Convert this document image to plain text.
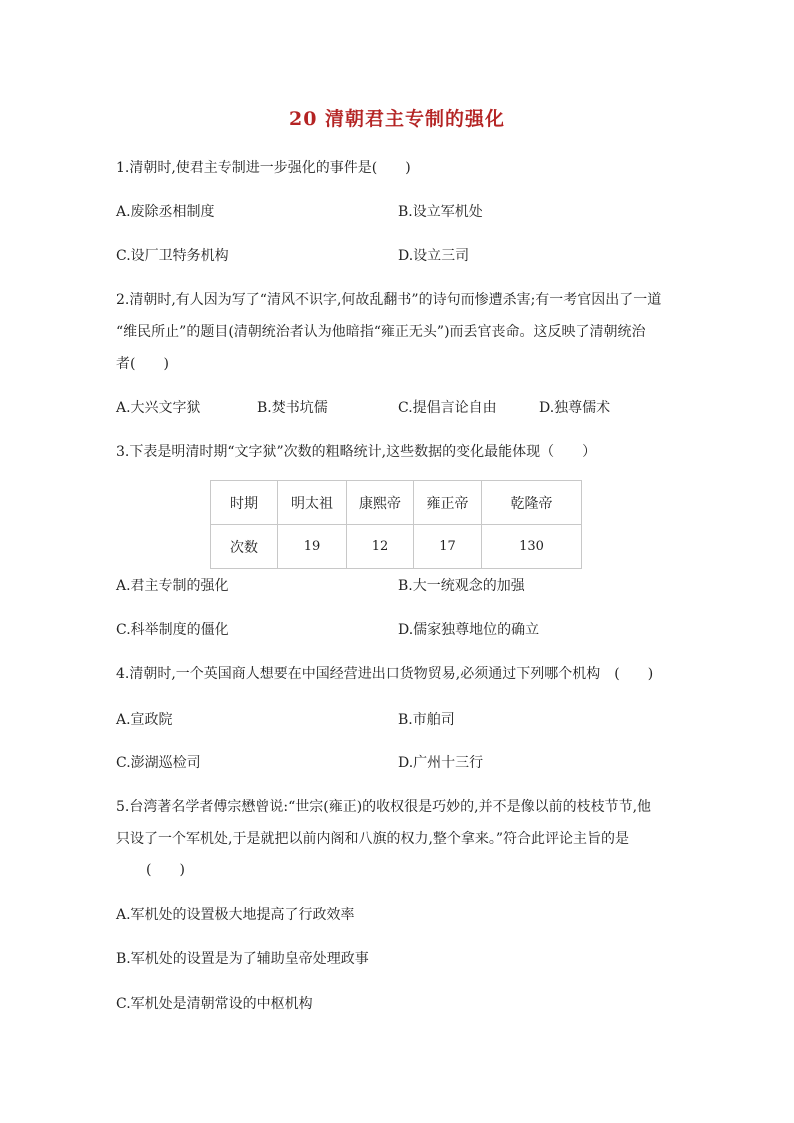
20 清朝君主专制的强化
1.清朝时,使君主专制进一步强化的事件是(　　)
A.废除丞相制度	B.设立军机处
C.设厂卫特务机构	D.设立三司
2.清朝时,有人因为写了“清风不识字,何故乱翻书”的诗句而惨遭杀害;有一考官因出了一道
“维民所止”的题目(清朝统治者认为他暗指“雍正无头”)而丢官丧命。这反映了清朝统治
者(　　)
A.大兴文字狱	B.焚书坑儒	C.提倡言论自由	D.独尊儒术
3.下表是明清时期“文字狱”次数的粗略统计,这些数据的变化最能体现（　　）
时期	明太祖	康熙帝	雍正帝	乾隆帝
次数	19	12	17	130
A.君主专制的强化	B.大一统观念的加强
C.科举制度的僵化	D.儒家独尊地位的确立
4.清朝时,一个英国商人想要在中国经营进出口货物贸易,必须通过下列哪个机构　(　　)
A.宣政院	B.市舶司
C.澎湖巡检司	D.广州十三行
5.台湾著名学者傅宗懋曾说:“世宗(雍正)的收权很是巧妙的,并不是像以前的枝枝节节,他
只设了一个军机处,于是就把以前内阁和八旗的权力,整个拿来。”符合此评论主旨的是
(　　)
A.军机处的设置极大地提高了行政效率
B.军机处的设置是为了辅助皇帝处理政事
C.军机处是清朝常设的中枢机构
